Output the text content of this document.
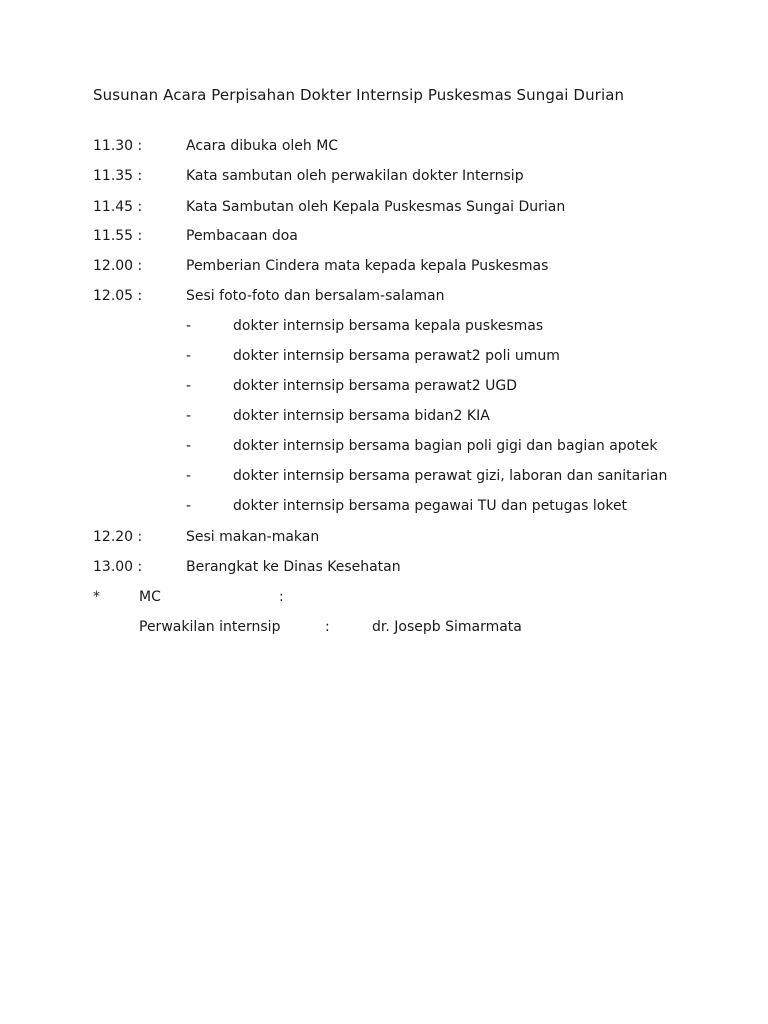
Susunan Acara Perpisahan Dokter Internsip Puskesmas Sungai Durian
11.30 :	Acara dibuka oleh MC
11.35 :	Kata sambutan oleh perwakilan dokter Internsip
11.45 :	Kata Sambutan oleh Kepala Puskesmas Sungai Durian
11.55 :	Pembacaan doa
12.00 :	Pemberian Cindera mata kepada kepala Puskesmas
12.05 :	Sesi foto-foto dan bersalam-salaman
-	dokter internsip bersama kepala puskesmas
-	dokter internsip bersama perawat2 poli umum
-	dokter internsip bersama perawat2 UGD
-	dokter internsip bersama bidan2 KIA
-	dokter internsip bersama bagian poli gigi dan bagian apotek
-	dokter internsip bersama perawat gizi, laboran dan sanitarian
-	dokter internsip bersama pegawai TU dan petugas loket
12.20 :	Sesi makan-makan
13.00 :	Berangkat ke Dinas Kesehatan
*	MC	:
Perwakilan internsip	:	dr. Josepb Simarmata
